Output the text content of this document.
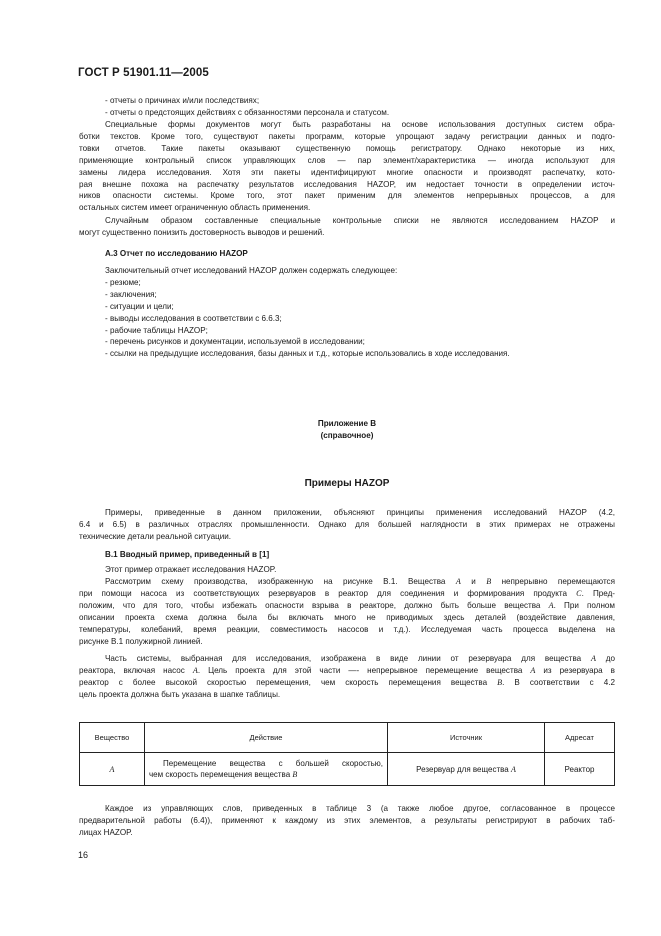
ГОСТ Р 51901.11—2005
- отчеты о причинах и/или последствиях;
- отчеты о предстоящих действиях с обязанностями персонала и статусом.
Специальные формы документов могут быть разработаны на основе использования доступных систем обра-
ботки текстов. Кроме того, существуют пакеты программ, которые упрощают задачу регистрации данных и подго-
товки отчетов. Такие пакеты оказывают существенную помощь регистратору. Однако некоторые из них,
применяющие контрольный список управляющих слов — пар элемент/характеристика — иногда используют для
замены лидера исследования. Хотя эти пакеты идентифицируют многие опасности и производят распечатку, кото-
рая внешне похожа на распечатку результатов исследования HAZOP, им недостает точности в определении источ-
ников опасности системы. Кроме того, этот пакет применим для элементов непрерывных процессов, а для
остальных систем имеет ограниченную область применения.
Случайным образом составленные специальные контрольные списки не являются исследованием HAZOP и
могут существенно понизить достоверность выводов и решений.
А.3 Отчет по исследованию HAZOP
Заключительный отчет исследований HAZOP должен содержать следующее:
- резюме;
- заключения;
- ситуации и цели;
- выводы исследования в соответствии с 6.6.3;
- рабочие таблицы HAZOP;
- перечень рисунков и документации, используемой в исследовании;
- ссылки на предыдущие исследования, базы данных и т.д., которые использовались в ходе исследования.
Приложение В
(справочное)
Примеры HAZOP
Примеры, приведенные в данном приложении, объясняют принципы применения исследований HAZOP (4.2,
6.4 и 6.5) в различных отраслях промышленности. Однако для большей наглядности в этих примерах не отражены
технические детали реальной ситуации.
В.1 Вводный пример, приведенный в [1]
Этот пример отражает исследования HAZOP.
Рассмотрим схему производства, изображенную на рисунке В.1. Вещества А и В непрерывно перемещаются
при помощи насоса из соответствующих резервуаров в реактор для соединения и формирования продукта С. Пред-
положим, что для того, чтобы избежать опасности взрыва в реакторе, должно быть больше вещества А. При полном
описании проекта схема должна была бы включать много не приводимых здесь деталей (воздействие давления,
температуры, колебаний, время реакции, совместимость насосов и т.д.). Исследуемая часть процесса выделена на
рисунке В.1 полужирной линией.
Часть системы, выбранная для исследования, изображена в виде линии от резервуара для вещества А до
реактора, включая насос А. Цель проекта для этой части —- непрерывное перемещение вещества А из резервуара в
реактор с более высокой скоростью перемещения, чем скорость перемещения вещества В. В соответствии с 4.2
цель проекта должна быть указана в шапке таблицы.
Вещество	Действие	Источник	Адресат
А	Перемещение вещества с большей скоростью,
чем скорость перемещения вещества В	Резервуар для вещества А	Реактор
Каждое из управляющих слов, приведенных в таблице 3 (а также любое другое, согласованное в процессе
предварительной работы (6.4)), применяют к каждому из этих элементов, а результаты регистрируют в рабочих таб-
лицах HAZOP.
16
